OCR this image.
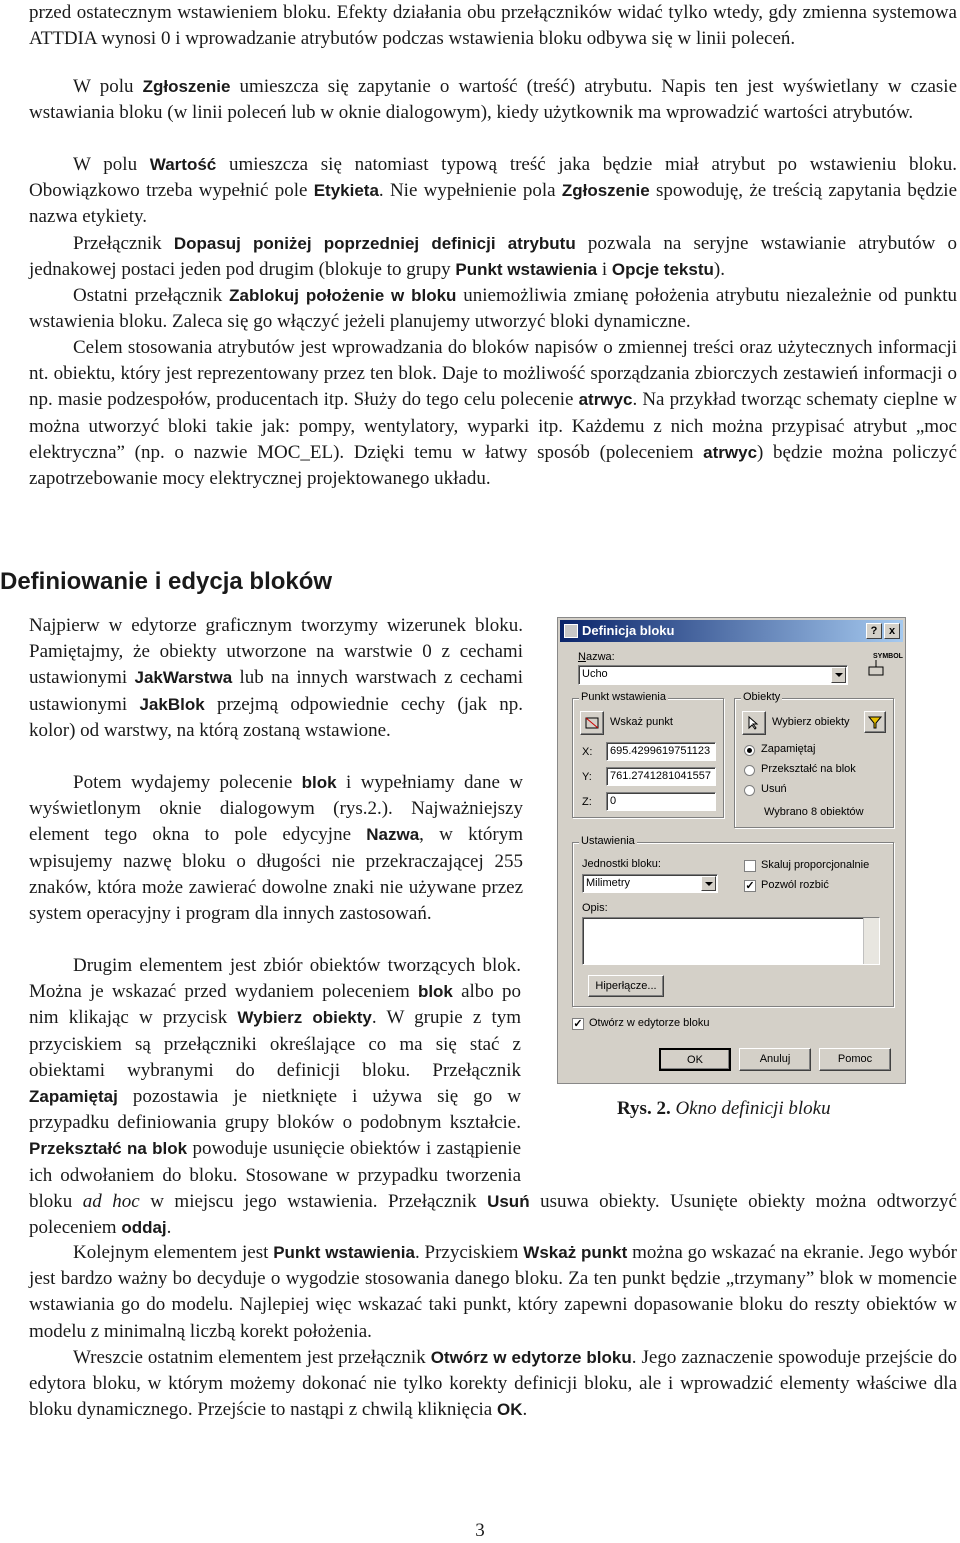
przed ostatecznym wstawieniem bloku. Efekty działania obu przełączników widać tylko wtedy, gdy zmienna systemowa ATTDIA wynosi 0 i wprowadzanie atrybutów podczas wstawienia bloku odbywa się w linii poleceń.

W polu Zgłoszenie umieszcza się zapytanie o wartość (treść) atrybutu. Napis ten jest wyświetlany w czasie wstawiania bloku (w linii poleceń lub w oknie dialogowym), kiedy użytkownik ma wprowadzić wartości atrybutów.

W polu Wartość umieszcza się natomiast typową treść jaka będzie miał atrybut po wstawieniu bloku. Obowiązkowo trzeba wypełnić pole Etykieta. Nie wypełnienie pola Zgłoszenie spowoduję, że treścią zapytania będzie nazwa etykiety.

Przełącznik Dopasuj poniżej poprzedniej definicji atrybutu pozwala na seryjne wstawianie atrybutów o jednakowej postaci jeden pod drugim (blokuje to grupy Punkt wstawienia i Opcje tekstu).

Ostatni przełącznik Zablokuj położenie w bloku uniemożliwia zmianę położenia atrybutu niezależnie od punktu wstawienia bloku. Zaleca się go włączyć jeżeli planujemy utworzyć bloki dynamiczne.

Celem stosowania atrybutów jest wprowadzania do bloków napisów o zmiennej treści oraz użytecznych informacji nt. obiektu, który jest reprezentowany przez ten blok. Daje to możliwość sporządzania zbiorczych zestawień informacji o np. masie podzespołów, producentach itp. Służy do tego celu polecenie atrwyc. Na przykład tworząc schematy cieplne w można utworzyć bloki takie jak: pompy, wentylatory, wyparki itp. Każdemu z nich można przypisać atrybut „moc elektryczna” (np. o nazwie MOC_EL). Dzięki temu w łatwy sposób (poleceniem atrwyc) będzie można policzyć zapotrzebowanie mocy elektrycznej projektowanego układu.

Definiowanie i edycja bloków

Najpierw w edytorze graficznym tworzymy wizerunek bloku. Pamiętajmy, że obiekty utworzone na warstwie 0 z cechami ustawionymi JakWarstwa lub na innych warstwach z cechami ustawionymi JakBlok przejmą odpowiednie cechy (jak np. kolor) od warstwy, na którą zostaną wstawione.

Potem wydajemy polecenie blok i wypełniamy dane w wyświetlonym oknie dialogowym (rys.2.). Najważniejszy element tego okna to pole edycyjne Nazwa, w którym wpisujemy nazwę bloku o długości nie przekraczającej 255 znaków, która może zawierać dowolne znaki nie używane przez system operacyjny i program dla innych zastosowań.

Drugim elementem jest zbiór obiektów tworzących blok. Można je wskazać przed wydaniem poleceniem blok albo po nim klikając w przycisk Wybierz obiekty. W grupie z tym przyciskiem są przełączniki określające co ma się stać z obiektami wybranymi do definicji bloku. Przełącznik Zapamiętaj pozostawia je nietknięte i używa się go w przypadku definiowania grupy bloków o podobnym kształcie. Przekształć na blok powoduje usunięcie obiektów i zastąpienie ich odwołaniem do bloku. Stosowane w przypadku tworzenia bloku ad hoc w miejscu jego wstawienia. Przełącznik Usuń usuwa obiekty. Usunięte obiekty można odtworzyć poleceniem oddaj.

Kolejnym elementem jest Punkt wstawienia. Przyciskiem Wskaż punkt można go wskazać na ekranie. Jego wybór jest bardzo ważny bo decyduje o wygodzie stosowania danego bloku. Za ten punkt będzie „trzymany” blok w momencie wstawiania go do modelu. Najlepiej więc wskazać taki punkt, który zapewni dopasowanie bloku do reszty obiektów w modelu z minimalną liczbą korekt położenia.

Wreszcie ostatnim elementem jest przełącznik Otwórz w edytorze bloku. Jego zaznaczenie spowoduje przejście do edytora bloku, w którym możemy dokonać nie tylko korekty definicji bloku, ale i wprowadzić elementy właściwe dla bloku dynamicznego. Przejście to nastąpi z chwilą kliknięcia OK.

Definicja bloku	?	x
SYMBOL
Nazwa:
Ucho
Punkt wstawienia
Wskaż punkt
X:	695.4299619751123
Y:	761.2741281041557
Z:	0
Obiekty
Wybierz obiekty
Zapamiętaj
Przekształć na blok
Usuń
Wybrano 8 obiektów
Ustawienia
Jednostki bloku:
Milimetry
Skaluj proporcjonalnie
✓ Pozwól rozbić
Opis:
Hiperłącze...
✓ Otwórz w edytorze bloku
OK	Anuluj	Pomoc
Rys. 2. Okno definicji bloku
3
